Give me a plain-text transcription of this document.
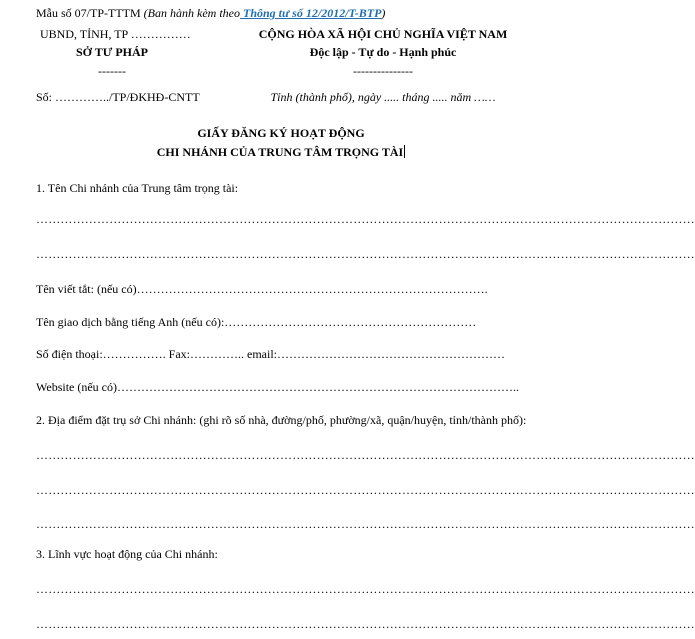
Mẫu số 07/TP-TTTM (Ban hành kèm theo Thông tư số 12/2012/T-BTP)
UBND, TỈNH, TP ……………
SỞ TƯ PHÁP
-------
Số: …………../TP/ĐKHĐ-CNTT
CỘNG HÒA XÃ HỘI CHỦ NGHĨA VIỆT NAM
Độc lập - Tự do - Hạnh phúc
---------------
Tỉnh (thành phố), ngày ..... tháng ..... năm ……
GIẤY ĐĂNG KÝ HOẠT ĐỘNG
CHI NHÁNH CỦA TRUNG TÂM TRỌNG TÀI
1. Tên Chi nhánh của Trung tâm trọng tài:
………………………………………………………………………………………………………………………………………………
………………………………………………………………………………………………………………………………………………
Tên viết tắt: (nếu có)…………………………………………………………………………….
Tên giao dịch bằng tiếng Anh (nếu có):………………………………………………………
Số điện thoại:……………. Fax:………….. email:…………………………………………………
Website (nếu có)………………………………………………………………………………………..
2. Địa điểm đặt trụ sở Chi nhánh: (ghi rõ số nhà, đường/phố, phường/xã, quận/huyện, tỉnh/thành phố):
………………………………………………………………………………………………………………………………………………
………………………………………………………………………………………………………………………………………………
………………………………………………………………………………………………………………………………………………
3. Lĩnh vực hoạt động của Chi nhánh:
………………………………………………………………………………………………………………………………………………
………………………………………………………………………………………………………………………………………………
